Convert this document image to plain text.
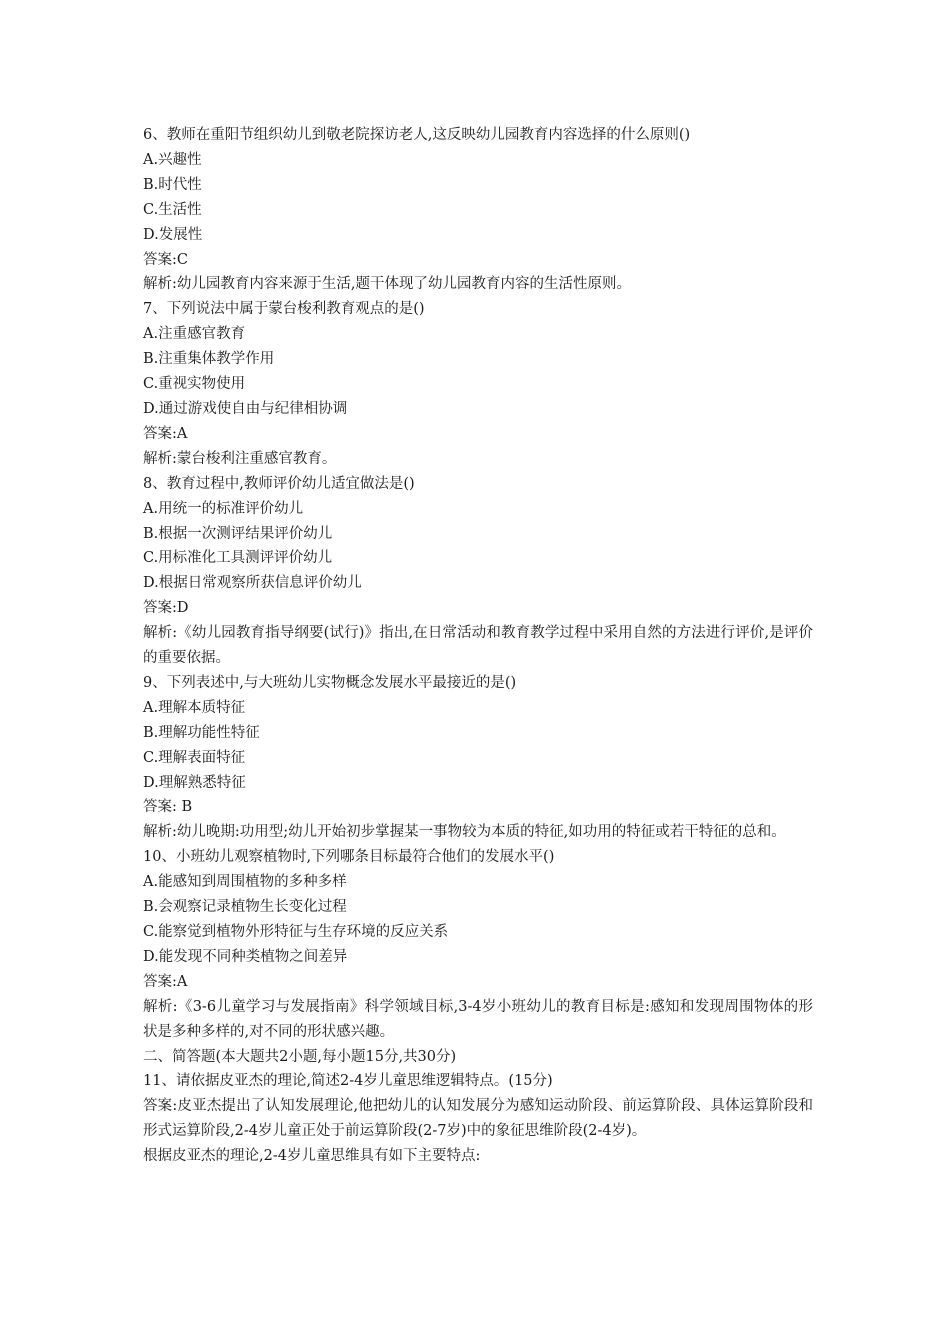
6、教师在重阳节组织幼儿到敬老院探访老人,这反映幼儿园教育内容选择的什么原则()
A.兴趣性
B.时代性
C.生活性
D.发展性
答案:C
解析:幼儿园教育内容来源于生活,题干体现了幼儿园教育内容的生活性原则。
7、下列说法中属于蒙台梭利教育观点的是()
A.注重感官教育
B.注重集体教学作用
C.重视实物使用
D.通过游戏使自由与纪律相协调
答案:A
解析:蒙台梭利注重感官教育。
8、教育过程中,教师评价幼儿适宜做法是()
A.用统一的标准评价幼儿
B.根据一次测评结果评价幼儿
C.用标准化工具测评评价幼儿
D.根据日常观察所获信息评价幼儿
答案:D
解析:《幼儿园教育指导纲要(试行)》指出,在日常活动和教育教学过程中采用自然的方法进行评价,是评价的重要依据。
9、下列表述中,与大班幼儿实物概念发展水平最接近的是()
A.理解本质特征
B.理解功能性特征
C.理解表面特征
D.理解熟悉特征
答案: B
解析:幼儿晚期:功用型;幼儿开始初步掌握某一事物较为本质的特征,如功用的特征或若干特征的总和。
10、小班幼儿观察植物时,下列哪条目标最符合他们的发展水平()
A.能感知到周围植物的多种多样
B.会观察记录植物生长变化过程
C.能察觉到植物外形特征与生存环境的反应关系
D.能发现不同种类植物之间差异
答案:A
解析:《3-6儿童学习与发展指南》科学领域目标,3-4岁小班幼儿的教育目标是:感知和发现周围物体的形状是多种多样的,对不同的形状感兴趣。
二、简答题(本大题共2小题,每小题15分,共30分)
11、请依据皮亚杰的理论,简述2-4岁儿童思维逻辑特点。(15分)
答案:皮亚杰提出了认知发展理论,他把幼儿的认知发展分为感知运动阶段、前运算阶段、具体运算阶段和形式运算阶段,2-4岁儿童正处于前运算阶段(2-7岁)中的象征思维阶段(2-4岁)。
根据皮亚杰的理论,2-4岁儿童思维具有如下主要特点:
